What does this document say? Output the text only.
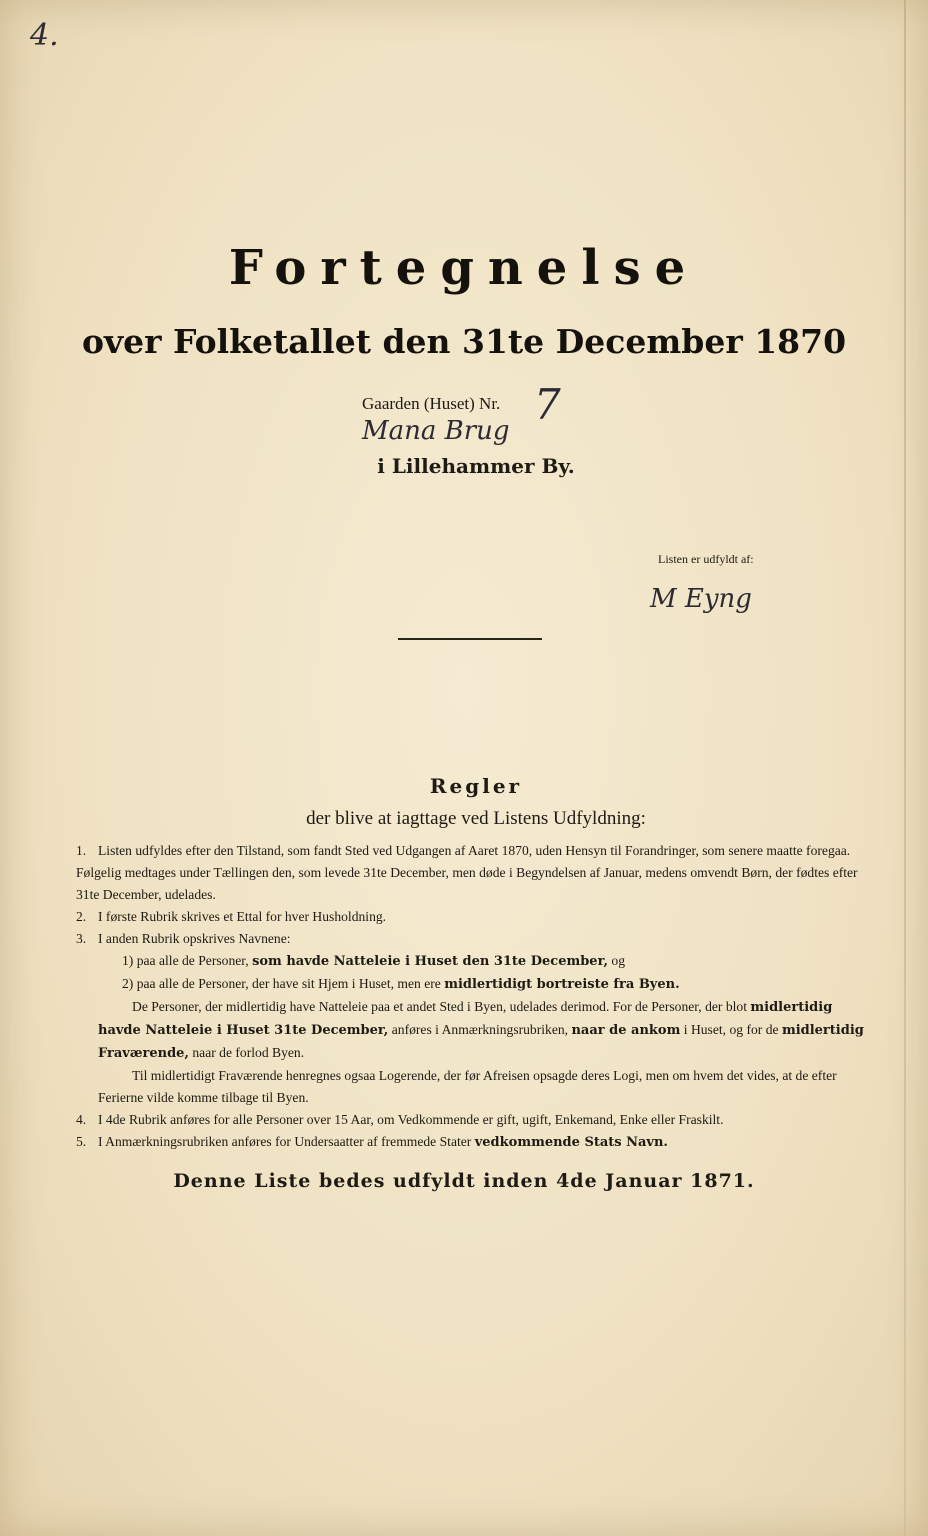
4.
Fortegnelse
over Folketallet den 31te December 1870
Gaarden (Huset) Nr. 7
Mana Brug
i Lillehammer By.
Listen er udfyldt af:
M Eyng
Regler
der blive at iagttage ved Listens Udfyldning:

1. Listen udfyldes efter den Tilstand, som fandt Sted ved Udgangen af Aaret 1870, uden Hensyn til Forandringer, som senere maatte foregaa. Følgelig medtages under Tællingen den, som levede 31te December, men døde i Begyndelsen af Januar, medens omvendt Børn, der fødtes efter 31te December, udelades.

2. I første Rubrik skrives et Ettal for hver Husholdning.

3. I anden Rubrik opskrives Navnene:

1) paa alle de Personer, som havde Natteleie i Huset den 31te December, og

2) paa alle de Personer, der have sit Hjem i Huset, men ere midlertidigt bortreiste fra Byen.

De Personer, der midlertidig have Natteleie paa et andet Sted i Byen, udelades derimod. For de Personer, der blot midlertidig havde Natteleie i Huset 31te December, anføres i Anmærkningsrubriken, naar de ankom i Huset, og for de midlertidig Fraværende, naar de forlod Byen.

Til midlertidigt Fraværende henregnes ogsaa Logerende, der før Afreisen opsagde deres Logi, men om hvem det vides, at de efter Ferierne vilde komme tilbage til Byen.

4. I 4de Rubrik anføres for alle Personer over 15 Aar, om Vedkommende er gift, ugift, Enkemand, Enke eller Fraskilt.

5. I Anmærkningsrubriken anføres for Undersaatter af fremmede Stater vedkommende Stats Navn.

Denne Liste bedes udfyldt inden 4de Januar 1871.
